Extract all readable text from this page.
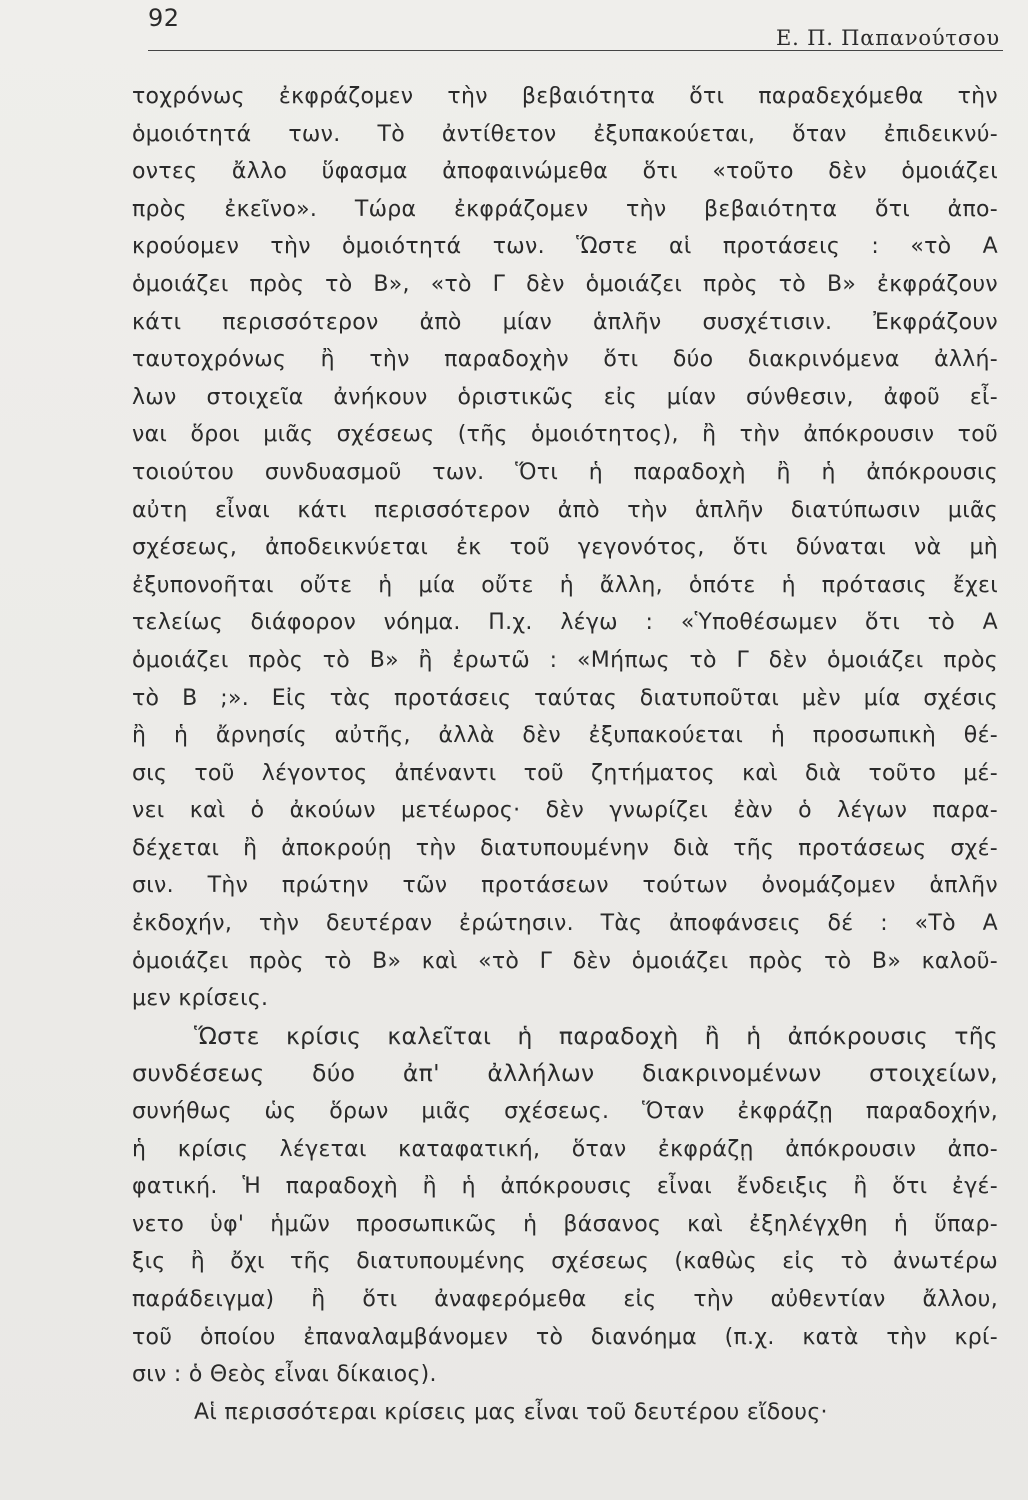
92
Ε. Π. Παπανούτσου
τοχρόνως ἐκφράζομεν τὴν βεβαιότητα ὅτι παραδεχόμεθα τὴν
ὁμοιότητά των. Τὸ ἀντίθετον ἐξυπακούεται, ὅταν ἐπιδεικνύ-
οντες ἄλλο ὕφασμα ἀποφαινώμεθα ὅτι «τοῦτο δὲν ὁμοιάζει
πρὸς ἐκεῖνο». Τώρα ἐκφράζομεν τὴν βεβαιότητα ὅτι ἀπο-
κρούομεν τὴν ὁμοιότητά των. Ὥστε αἱ προτάσεις : «τὸ Α
ὁμοιάζει πρὸς τὸ Β», «τὸ Γ δὲν ὁμοιάζει πρὸς τὸ Β» ἐκφράζουν
κάτι περισσότερον ἀπὸ μίαν ἁπλῆν συσχέτισιν. Ἐκφράζουν
ταυτοχρόνως ἢ τὴν παραδοχὴν ὅτι δύο διακρινόμενα ἀλλή-
λων στοιχεῖα ἀνήκουν ὁριστικῶς εἰς μίαν σύνθεσιν, ἀφοῦ εἶ-
ναι ὅροι μιᾶς σχέσεως (τῆς ὁμοιότητος), ἢ τὴν ἀπόκρουσιν τοῦ
τοιούτου συνδυασμοῦ των. Ὅτι ἡ παραδοχὴ ἢ ἡ ἀπόκρουσις
αὐτη εἶναι κάτι περισσότερον ἀπὸ τὴν ἁπλῆν διατύπωσιν μιᾶς
σχέσεως, ἀποδεικνύεται ἐκ τοῦ γεγονότος, ὅτι δύναται νὰ μὴ
ἐξυπονοῆται οὔτε ἡ μία οὔτε ἡ ἄλλη, ὁπότε ἡ πρότασις ἔχει
τελείως διάφορον νόημα. Π.χ. λέγω : «Ὑποθέσωμεν ὅτι τὸ Α
ὁμοιάζει πρὸς τὸ Β» ἢ ἐρωτῶ : «Μήπως τὸ Γ δὲν ὁμοιάζει πρὸς
τὸ Β ;». Εἰς τὰς προτάσεις ταύτας διατυποῦται μὲν μία σχέσις
ἢ ἡ ἄρνησίς αὐτῆς, ἀλλὰ δὲν ἐξυπακούεται ἡ προσωπικὴ θέ-
σις τοῦ λέγοντος ἀπέναντι τοῦ ζητήματος καὶ διὰ τοῦτο μέ-
νει καὶ ὁ ἀκούων μετέωρος· δὲν γνωρίζει ἐὰν ὁ λέγων παρα-
δέχεται ἢ ἀποκρούῃ τὴν διατυπουμένην διὰ τῆς προτάσεως σχέ-
σιν. Τὴν πρώτην τῶν προτάσεων τούτων ὀνομάζομεν ἁπλῆν
ἐκδοχήν, τὴν δευτέραν ἐρώτησιν. Τὰς ἀποφάνσεις δέ : «Τὸ Α
ὁμοιάζει πρὸς τὸ Β» καὶ «τὸ Γ δὲν ὁμοιάζει πρὸς τὸ Β» καλοῦ-
μεν κρίσεις.
Ὥστε κρίσις καλεῖται ἡ παραδοχὴ ἢ ἡ ἀπόκρουσις τῆς
συνδέσεως δύο ἀπ' ἀλλήλων διακρινομένων στοιχείων,
συνήθως ὡς ὅρων μιᾶς σχέσεως. Ὅταν ἐκφράζῃ παραδοχήν,
ἡ κρίσις λέγεται καταφατική, ὅταν ἐκφράζῃ ἀπόκρουσιν ἀπο-
φατική. Ἡ παραδοχὴ ἢ ἡ ἀπόκρουσις εἶναι ἔνδειξις ἢ ὅτι ἐγέ-
νετο ὑφ' ἡμῶν προσωπικῶς ἡ βάσανος καὶ ἐξηλέγχθη ἡ ὕπαρ-
ξις ἢ ὄχι τῆς διατυπουμένης σχέσεως (καθὼς εἰς τὸ ἀνωτέρω
παράδειγμα) ἢ ὅτι ἀναφερόμεθα εἰς τὴν αὐθεντίαν ἄλλου,
τοῦ ὁποίου ἐπαναλαμβάνομεν τὸ διανόημα (π.χ. κατὰ τὴν κρί-
σιν : ὁ Θεὸς εἶναι δίκαιος).
Αἱ περισσότεραι κρίσεις μας εἶναι τοῦ δευτέρου εἴδους·
